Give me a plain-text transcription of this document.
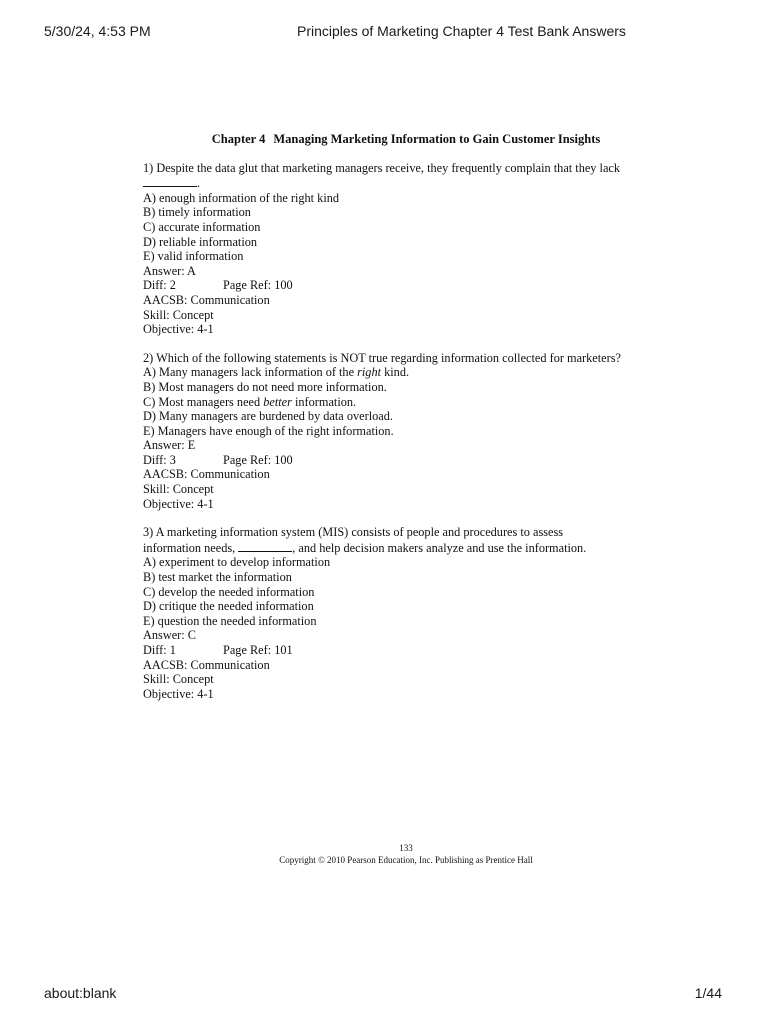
5/30/24, 4:53 PM	Principles of Marketing Chapter 4 Test Bank Answers
Chapter 4 Managing Marketing Information to Gain Customer Insights

1) Despite the data glut that marketing managers receive, they frequently complain that they lack

.

A) enough information of the right kind

B) timely information

C) accurate information

D) reliable information

E) valid information

Answer: A

Diff: 2	Page Ref: 100

AACSB: Communication

Skill: Concept

Objective: 4-1

2) Which of the following statements is NOT true regarding information collected for marketers?

A) Many managers lack information of the right kind.

B) Most managers do not need more information.

C) Most managers need better information.

D) Many managers are burdened by data overload.

E) Managers have enough of the right information.

Answer: E

Diff: 3	Page Ref: 100

AACSB: Communication

Skill: Concept

Objective: 4-1

3) A marketing information system (MIS) consists of people and procedures to assess

information needs,	, and help decision makers analyze and use the information.

A) experiment to develop information

B) test market the information

C) develop the needed information

D) critique the needed information

E) question the needed information

Answer: C

Diff: 1	Page Ref: 101

AACSB: Communication

Skill: Concept

Objective: 4-1

133
Copyright © 2010 Pearson Education, Inc. Publishing as Prentice Hall
about:blank	1/44
